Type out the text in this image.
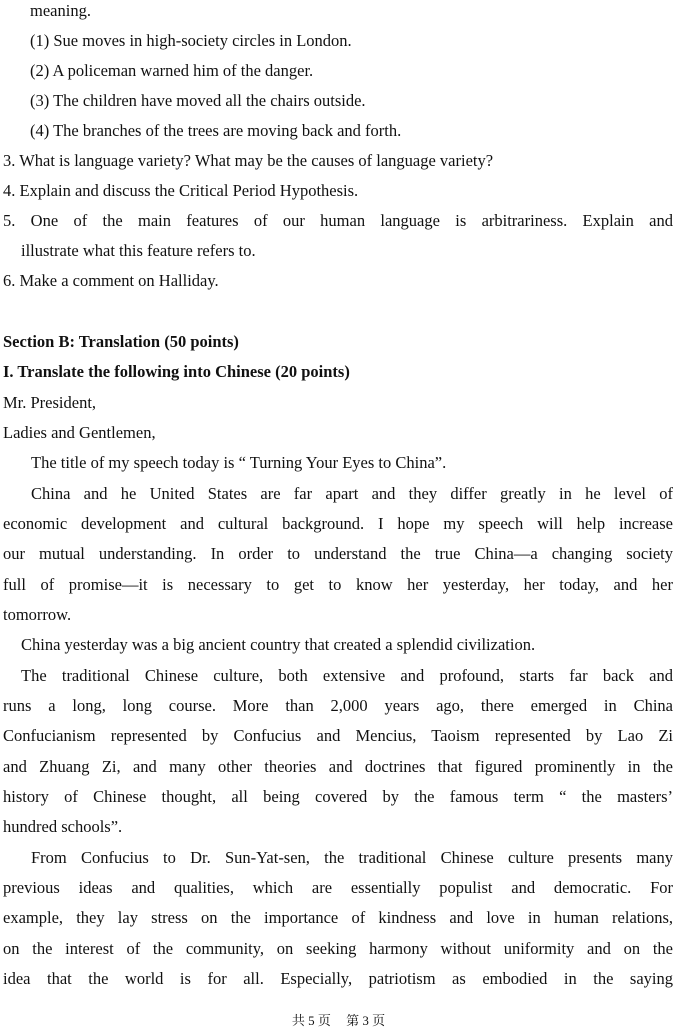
meaning.
(1) Sue moves in high-society circles in London.
(2) A policeman warned him of the danger.
(3) The children have moved all the chairs outside.
(4) The branches of the trees are moving back and forth.
3. What is language variety? What may be the causes of language variety?
4. Explain and discuss the Critical Period Hypothesis.
5. One of the main features of our human language is arbitrariness. Explain and
illustrate what this feature refers to.
6. Make a comment on Halliday.
Section B: Translation (50 points)
I. Translate the following into Chinese (20 points)
Mr. President,
Ladies and Gentlemen,
The title of my speech today is “ Turning Your Eyes to China”.
China and he United States are far apart and they differ greatly in he level of
economic development and cultural background. I hope my speech will help increase
our mutual understanding. In order to understand the true China—a changing society
full of promise—it is necessary to get to know her yesterday, her today, and her
tomorrow.
China yesterday was a big ancient country that created a splendid civilization.
The traditional Chinese culture, both extensive and profound, starts far back and
runs a long, long course. More than 2,000 years ago, there emerged in China
Confucianism represented by Confucius and Mencius, Taoism represented by Lao Zi
and Zhuang Zi, and many other theories and doctrines that figured prominently in the
history of Chinese thought, all being covered by the famous term “ the masters’
hundred schools”.
From Confucius to Dr. Sun-Yat-sen, the traditional Chinese culture presents many
previous ideas and qualities, which are essentially populist and democratic. For
example, they lay stress on the importance of kindness and love in human relations,
on the interest of the community, on seeking harmony without uniformity and on the
idea that the world is for all. Especially, patriotism as embodied in the saying
共 5 页 第 3 页
